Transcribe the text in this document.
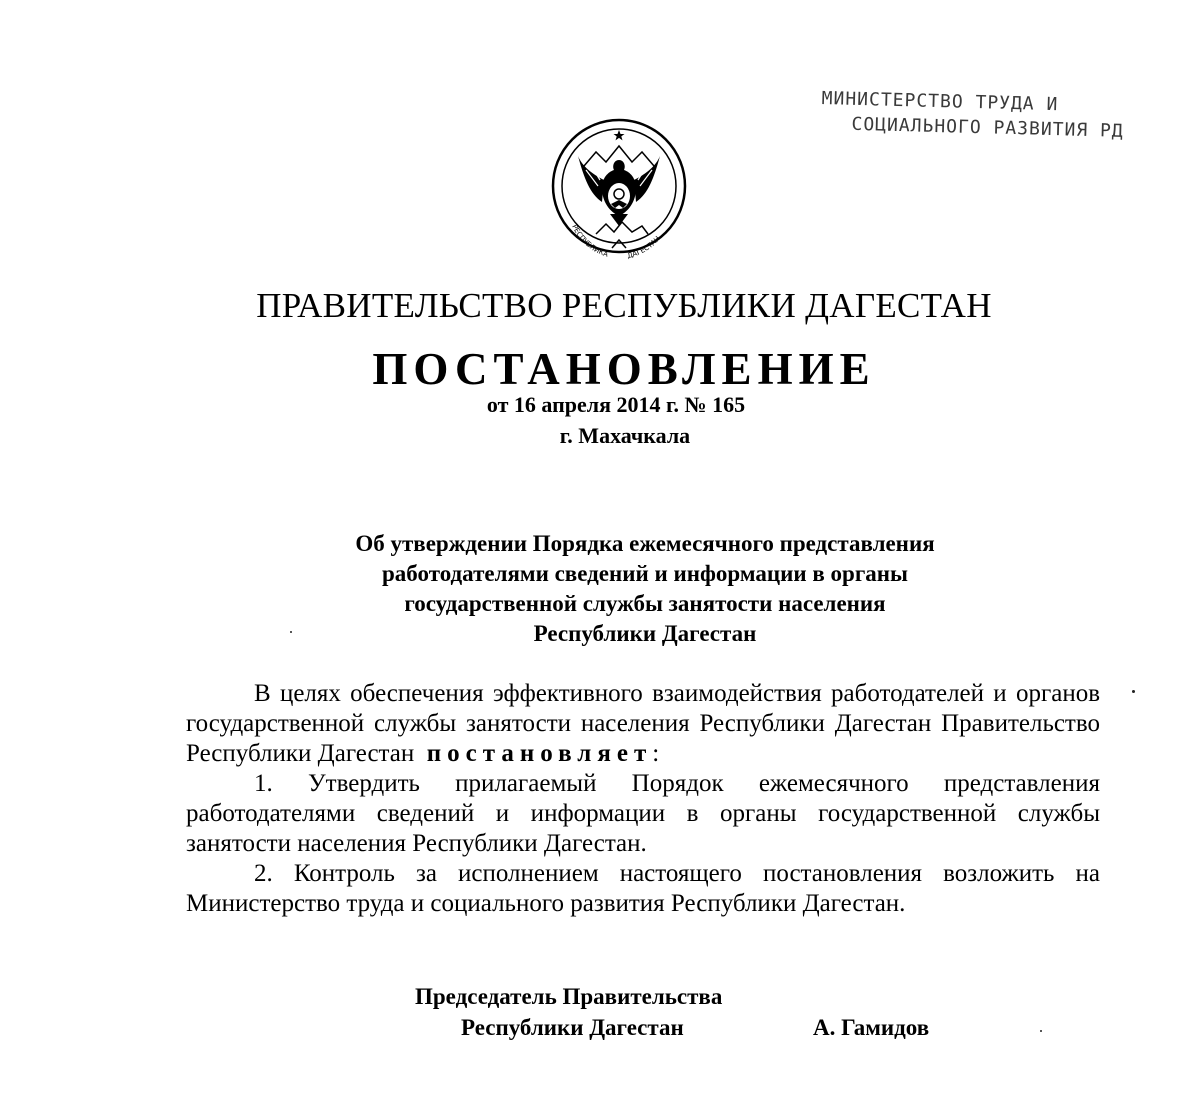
МИНИСТЕРСТВО ТРУДА И
СОЦИАЛЬНОГО РАЗВИТИЯ РД
РЕСПУБЛИКА ДАГЕСТАН
ПРАВИТЕЛЬСТВО РЕСПУБЛИКИ ДАГЕСТАН
ПОСТАНОВЛЕНИЕ
от 16 апреля 2014 г. № 165
г. Махачкала
Об утверждении Порядка ежемесячного представления
работодателями сведений и информации в органы
государственной службы занятости населения
Республики Дагестан

В целях обеспечения эффективного взаимодействия работодателей и органов государственной службы занятости населения Республики Дагестан Правительство Республики Дагестан постановляет:

1. Утвердить прилагаемый Порядок ежемесячного представления работодателями сведений и информации в органы государственной службы занятости населения Республики Дагестан.

2. Контроль за исполнением настоящего постановления возложить на Министерство труда и социального развития Республики Дагестан.

Председатель Правительства
Республики Дагестан	А. Гамидов
